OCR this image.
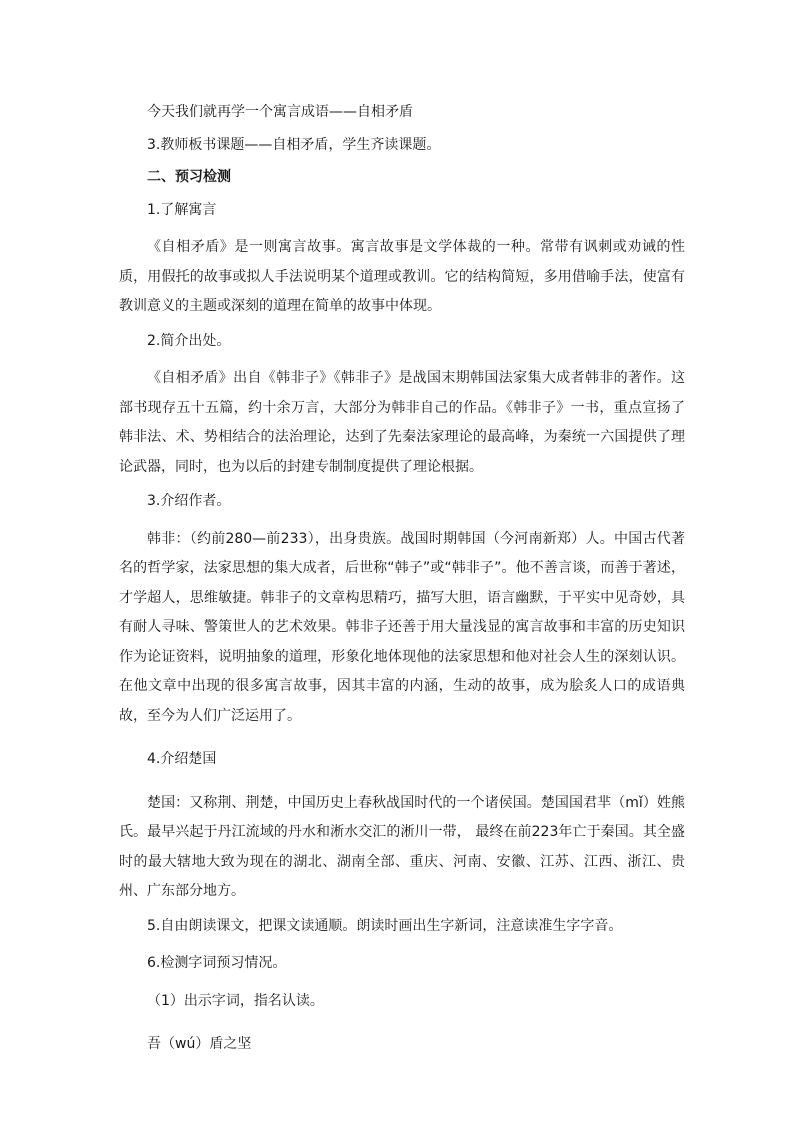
今天我们就再学一个寓言成语——自相矛盾

3.教师板书课题——自相矛盾，学生齐读课题。

二、预习检测

1.了解寓言

《自相矛盾》是一则寓言故事。寓言故事是文学体裁的一种。常带有讽刺或劝诫的性质，用假托的故事或拟人手法说明某个道理或教训。它的结构简短，多用借喻手法，使富有教训意义的主题或深刻的道理在简单的故事中体现。

2.简介出处。

《自相矛盾》出自《韩非子》《韩非子》是战国末期韩国法家集大成者韩非的著作。这部书现存五十五篇，约十余万言，大部分为韩非自己的作品。《韩非子》一书，重点宣扬了韩非法、术、势相结合的法治理论，达到了先秦法家理论的最高峰，为秦统一六国提供了理论武器，同时，也为以后的封建专制制度提供了理论根据。

3.介绍作者。

韩非：（约前280—前233），出身贵族。战国时期韩国（今河南新郑）人。中国古代著名的哲学家，法家思想的集大成者，后世称“韩子”或“韩非子”。他不善言谈，而善于著述，才学超人，思维敏捷。韩非子的文章构思精巧，描写大胆，语言幽默，于平实中见奇妙，具有耐人寻味、警策世人的艺术效果。韩非子还善于用大量浅显的寓言故事和丰富的历史知识作为论证资料，说明抽象的道理，形象化地体现他的法家思想和他对社会人生的深刻认识。在他文章中出现的很多寓言故事，因其丰富的内涵，生动的故事，成为脍炙人口的成语典故，至今为人们广泛运用了。

4.介绍楚国

楚国：又称荆、荆楚，中国历史上春秋战国时代的一个诸侯国。楚国国君芈（mǐ）姓熊氏。最早兴起于丹江流域的丹水和淅水交汇的淅川一带， 最终在前223年亡于秦国。其全盛时的最大辖地大致为现在的湖北、湖南全部、重庆、河南、安徽、江苏、江西、浙江、贵州、广东部分地方。

5.自由朗读课文，把课文读通顺。朗读时画出生字新词，注意读准生字字音。

6.检测字词预习情况。

（1）出示字词，指名认读。

吾（wú）盾之坚
